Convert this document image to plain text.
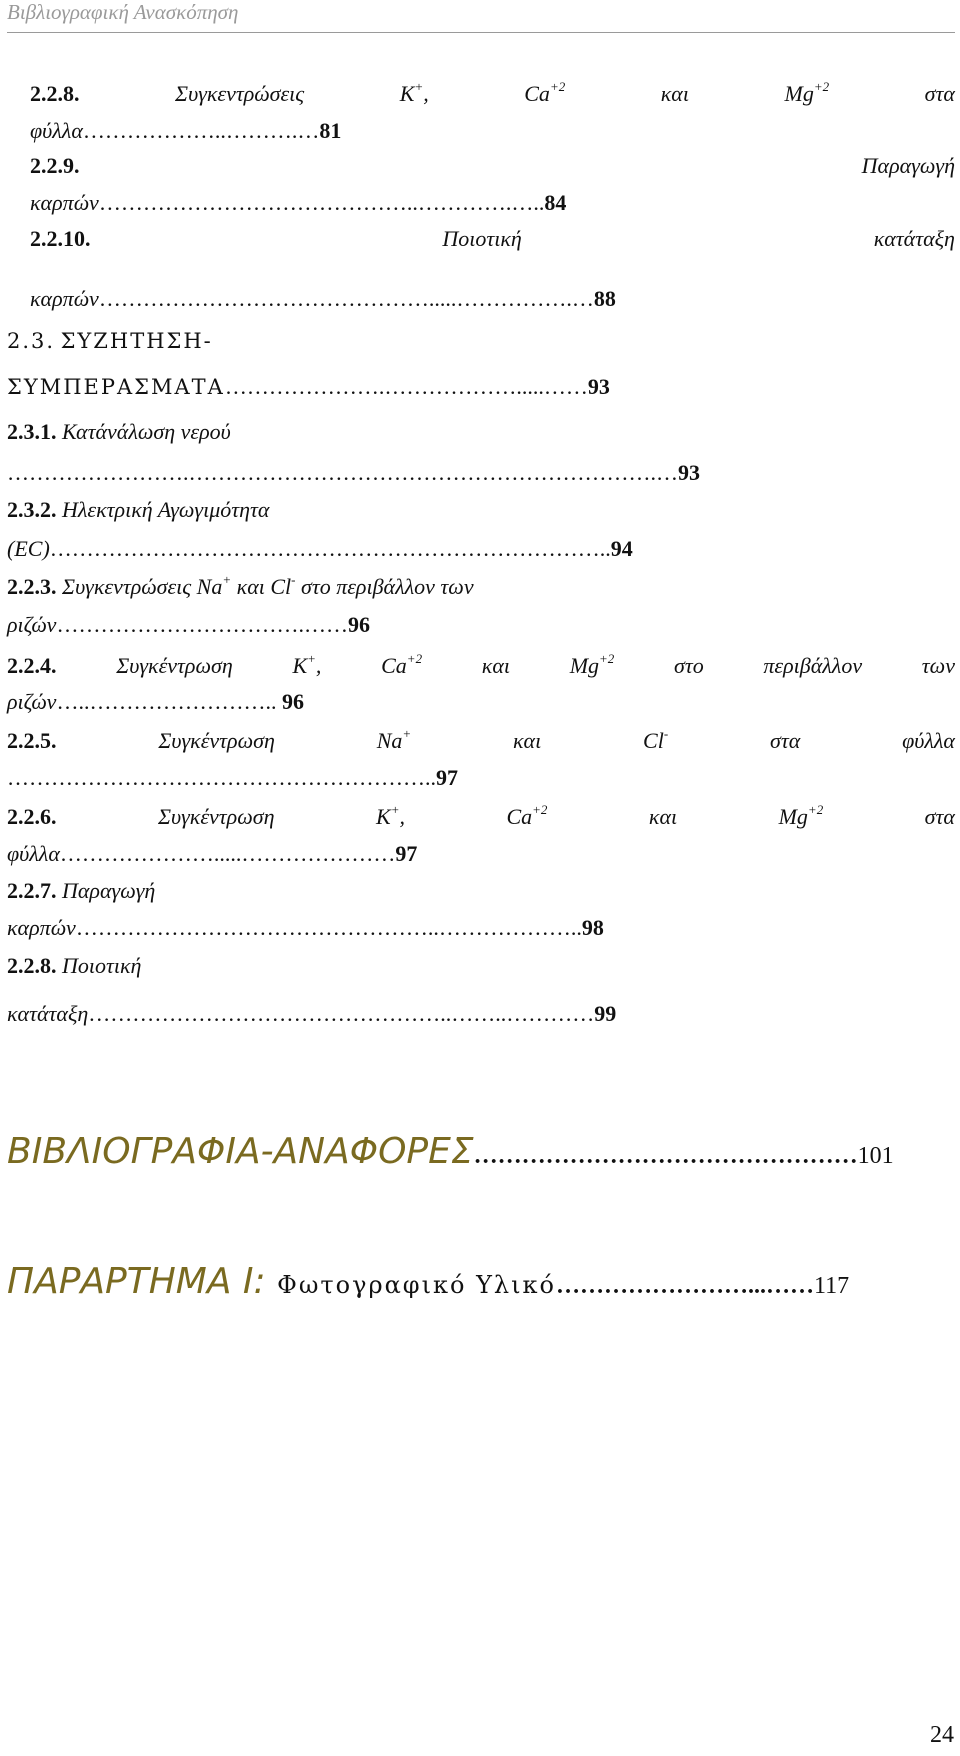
Βιβλιογραφική Ανασκόπηση
2.2.8.	Συγκεντρώσεις	K+,	$Ca^{+2}$	και	$Mg^{+2}$	στα
φύλλα………………..……….…81
2.2.9.	Παραγωγή
καρπών……………………………………..………….…..84
2.2.10.	Ποιοτική	κατάταξη
καρπών……………………………………….....…………….…88
2.3. ΣΥΖΗΤΗΣΗ-
ΣΥΜΠΕΡΑΣΜΑΤΑ………………….……………….....……93
2.3.1. Κατάνάλωση νερού
…………………….……………………………………………………….…93
2.3.2. Ηλεκτρική Αγωγιμότητα
(EC)…………………………………………………………………..94
2.2.3. Συγκεντρώσεις Na+ και Cl- στο περιβάλλον των
ριζών…………………………….……96
2.2.4.	Συγκέντρωση	K+,	$Ca^{+2}$	και	$Mg^{+2}$	στο	περιβάλλον	των
ριζών…..…………………….. 96
2.2.5.	Συγκέντρωση	Na+	και	Cl-	στα	φύλλα
…………………………………………………..97
2.2.6.	Συγκέντρωση	K+,	$Ca^{+2}$	και	$Mg^{+2}$	στα
φύλλα………………….....…………………97
2.2.7. Παραγωγή
καρπών…………………………………………..………………..98
2.2.8. Ποιοτική
κατάταξη…………………………………………..……..…………99
ΒΙΒΛΙΟΓΡΑΦΙΑ-ΑΝΑΦΟΡΕΣ…………………………………………101
ΠΑΡΑΡΤΗΜΑ Ι: Φωτογραφικό Υλικό……………………...……117
24
